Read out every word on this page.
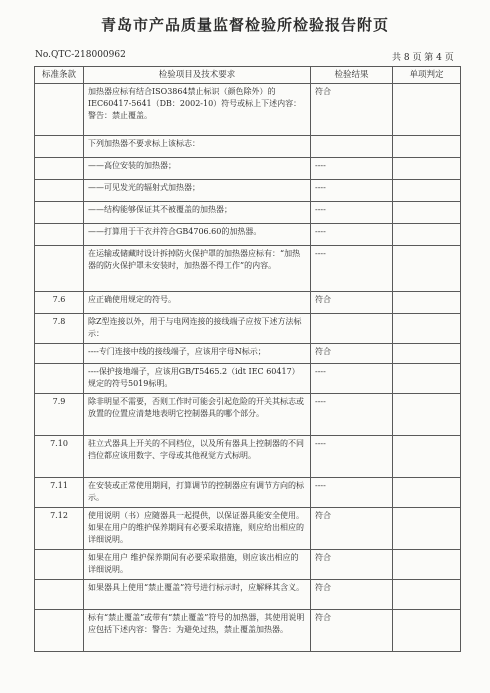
青岛市产品质量监督检验所检验报告附页
No.QTC-218000962	共 8 页 第 4 页
标准条款	检验项目及技术要求	检验结果	单项判定
	加热器应标有结合ISO3864禁止标识（颜色除外）的IEC60417-5641（DB：2002-10）符号或标上下述内容：警告：禁止覆盖。	符合	
	下列加热器不要求标上该标志：		
	——高位安装的加热器；	----	
	——可见发光的辐射式加热器；	----	
	——结构能够保证其不被覆盖的加热器；	----	
	——打算用于干衣并符合GB4706.60的加热器。	----	
	在运输或储藏时设计拆掉防火保护罩的加热器应标有：“加热器的防火保护罩未安装时，加热器不得工作”的内容。	----	
7.6	应正确使用规定的符号。	符合	
7.8	除Z型连接以外，用于与电网连接的接线端子应按下述方法标示：		
	----专门连接中线的接线端子，应该用字母N标示；	符合	
	----保护接地端子，应该用GB/T5465.2（idt IEC 60417）规定的符号5019标明。	----	
7.9	除非明显不需要，否则工作时可能会引起危险的开关其标志或放置的位置应清楚地表明它控制器具的哪个部分。	----	
7.10	驻立式器具上开关的不同档位，以及所有器具上控制器的不同挡位都应该用数字、字母或其他视觉方式标明。	----	
7.11	在安装或正常使用期间，打算调节的控制器应有调节方向的标示。	----	
7.12	使用说明（书）应随器具一起提供，以保证器具能安全使用。如果在用户的维护保养期间有必要采取措施，则应给出相应的详细说明。	符合	
	如果在用户 维护保养期间有必要采取措施，则应该出相应的详细说明。	符合	
	如果器具上使用“禁止覆盖”符号进行标示时，应解释其含义。	符合	
	标有“禁止覆盖”或带有“禁止覆盖”符号的加热器，其使用说明应包括下述内容：警告：为避免过热，禁止覆盖加热器。	符合	
